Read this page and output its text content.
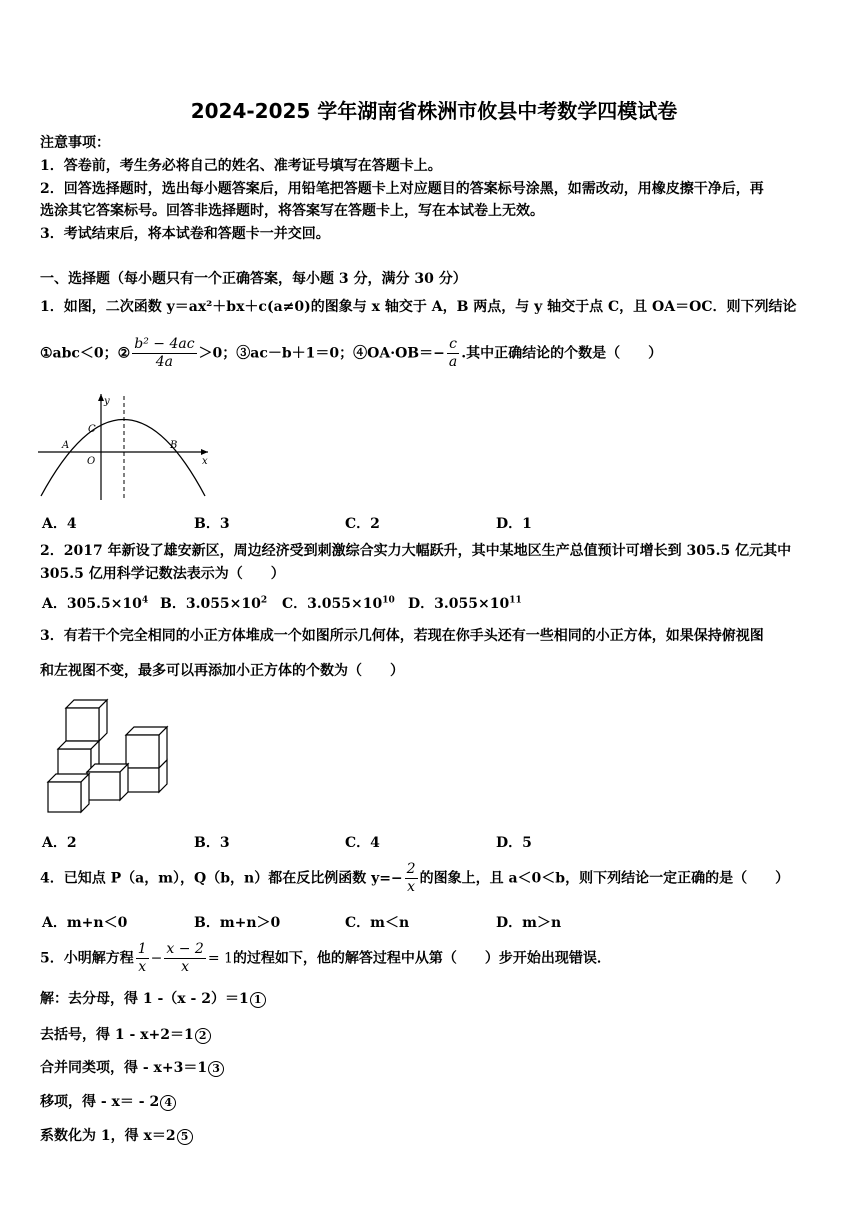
2024-2025 学年湖南省株洲市攸县中考数学四模试卷
注意事项：
1．答卷前，考生务必将自己的姓名、准考证号填写在答题卡上。
2．回答选择题时，选出每小题答案后，用铅笔把答题卡上对应题目的答案标号涂黑，如需改动，用橡皮擦干净后，再
选涂其它答案标号。回答非选择题时，将答案写在答题卡上，写在本试卷上无效。
3．考试结束后，将本试卷和答题卡一并交回。
一、选择题（每小题只有一个正确答案，每小题 3 分，满分 30 分）
1．如图，二次函数 y＝ax²＋bx＋c(a≠0)的图象与 x 轴交于 A，B 两点，与 y 轴交于点 C，且 OA＝OC．则下列结论
①abc＜0；② $\frac{\text{b² − 4ac}}{4a} >0$；③ac－b＋1＝0；④OA·OB＝− $\frac{c}{a}$ .其中正确结论的个数是（　　）
y
x
O
A	B
C
A．4	B．3	C．2	D．1
2．2017 年新设了雄安新区，周边经济受到刺激综合实力大幅跃升，其中某地区生产总值预计可增长到 305.5 亿元其中
305.5 亿用科学记数法表示为（　　）
A．$305.5\times 10^4$ B．$3.055\times 10^2$ C．$3.055\times 10^{10}$ D．$3.055\times 10^{11}$
3．有若干个完全相同的小正方体堆成一个如图所示几何体，若现在你手头还有一些相同的小正方体，如果保持俯视图
和左视图不变，最多可以再添加小正方体的个数为（　　）
A．2	B．3	C．4	D．5
4．已知点 P（a，m），Q（b，n）都在反比例函数 $y=- \frac{2}{x}$ 的图象上，且 a＜0＜b，则下列结论一定正确的是（　　）
A．m+n＜0	B．m+n＞0	C．m＜n	D．m＞n
5．小明解方程 $\frac{1}{x} - \frac{x - 2}{x} = 1$的过程如下，他的解答过程中从第（　　）步开始出现错误．
解：去分母，得 1 -（x - 2）＝1 1
去括号，得 1 - x+2＝1 2
合并同类项，得 - x+3＝1 3
移项，得 - x＝ - 2 4
系数化为 1，得 x＝2 5
